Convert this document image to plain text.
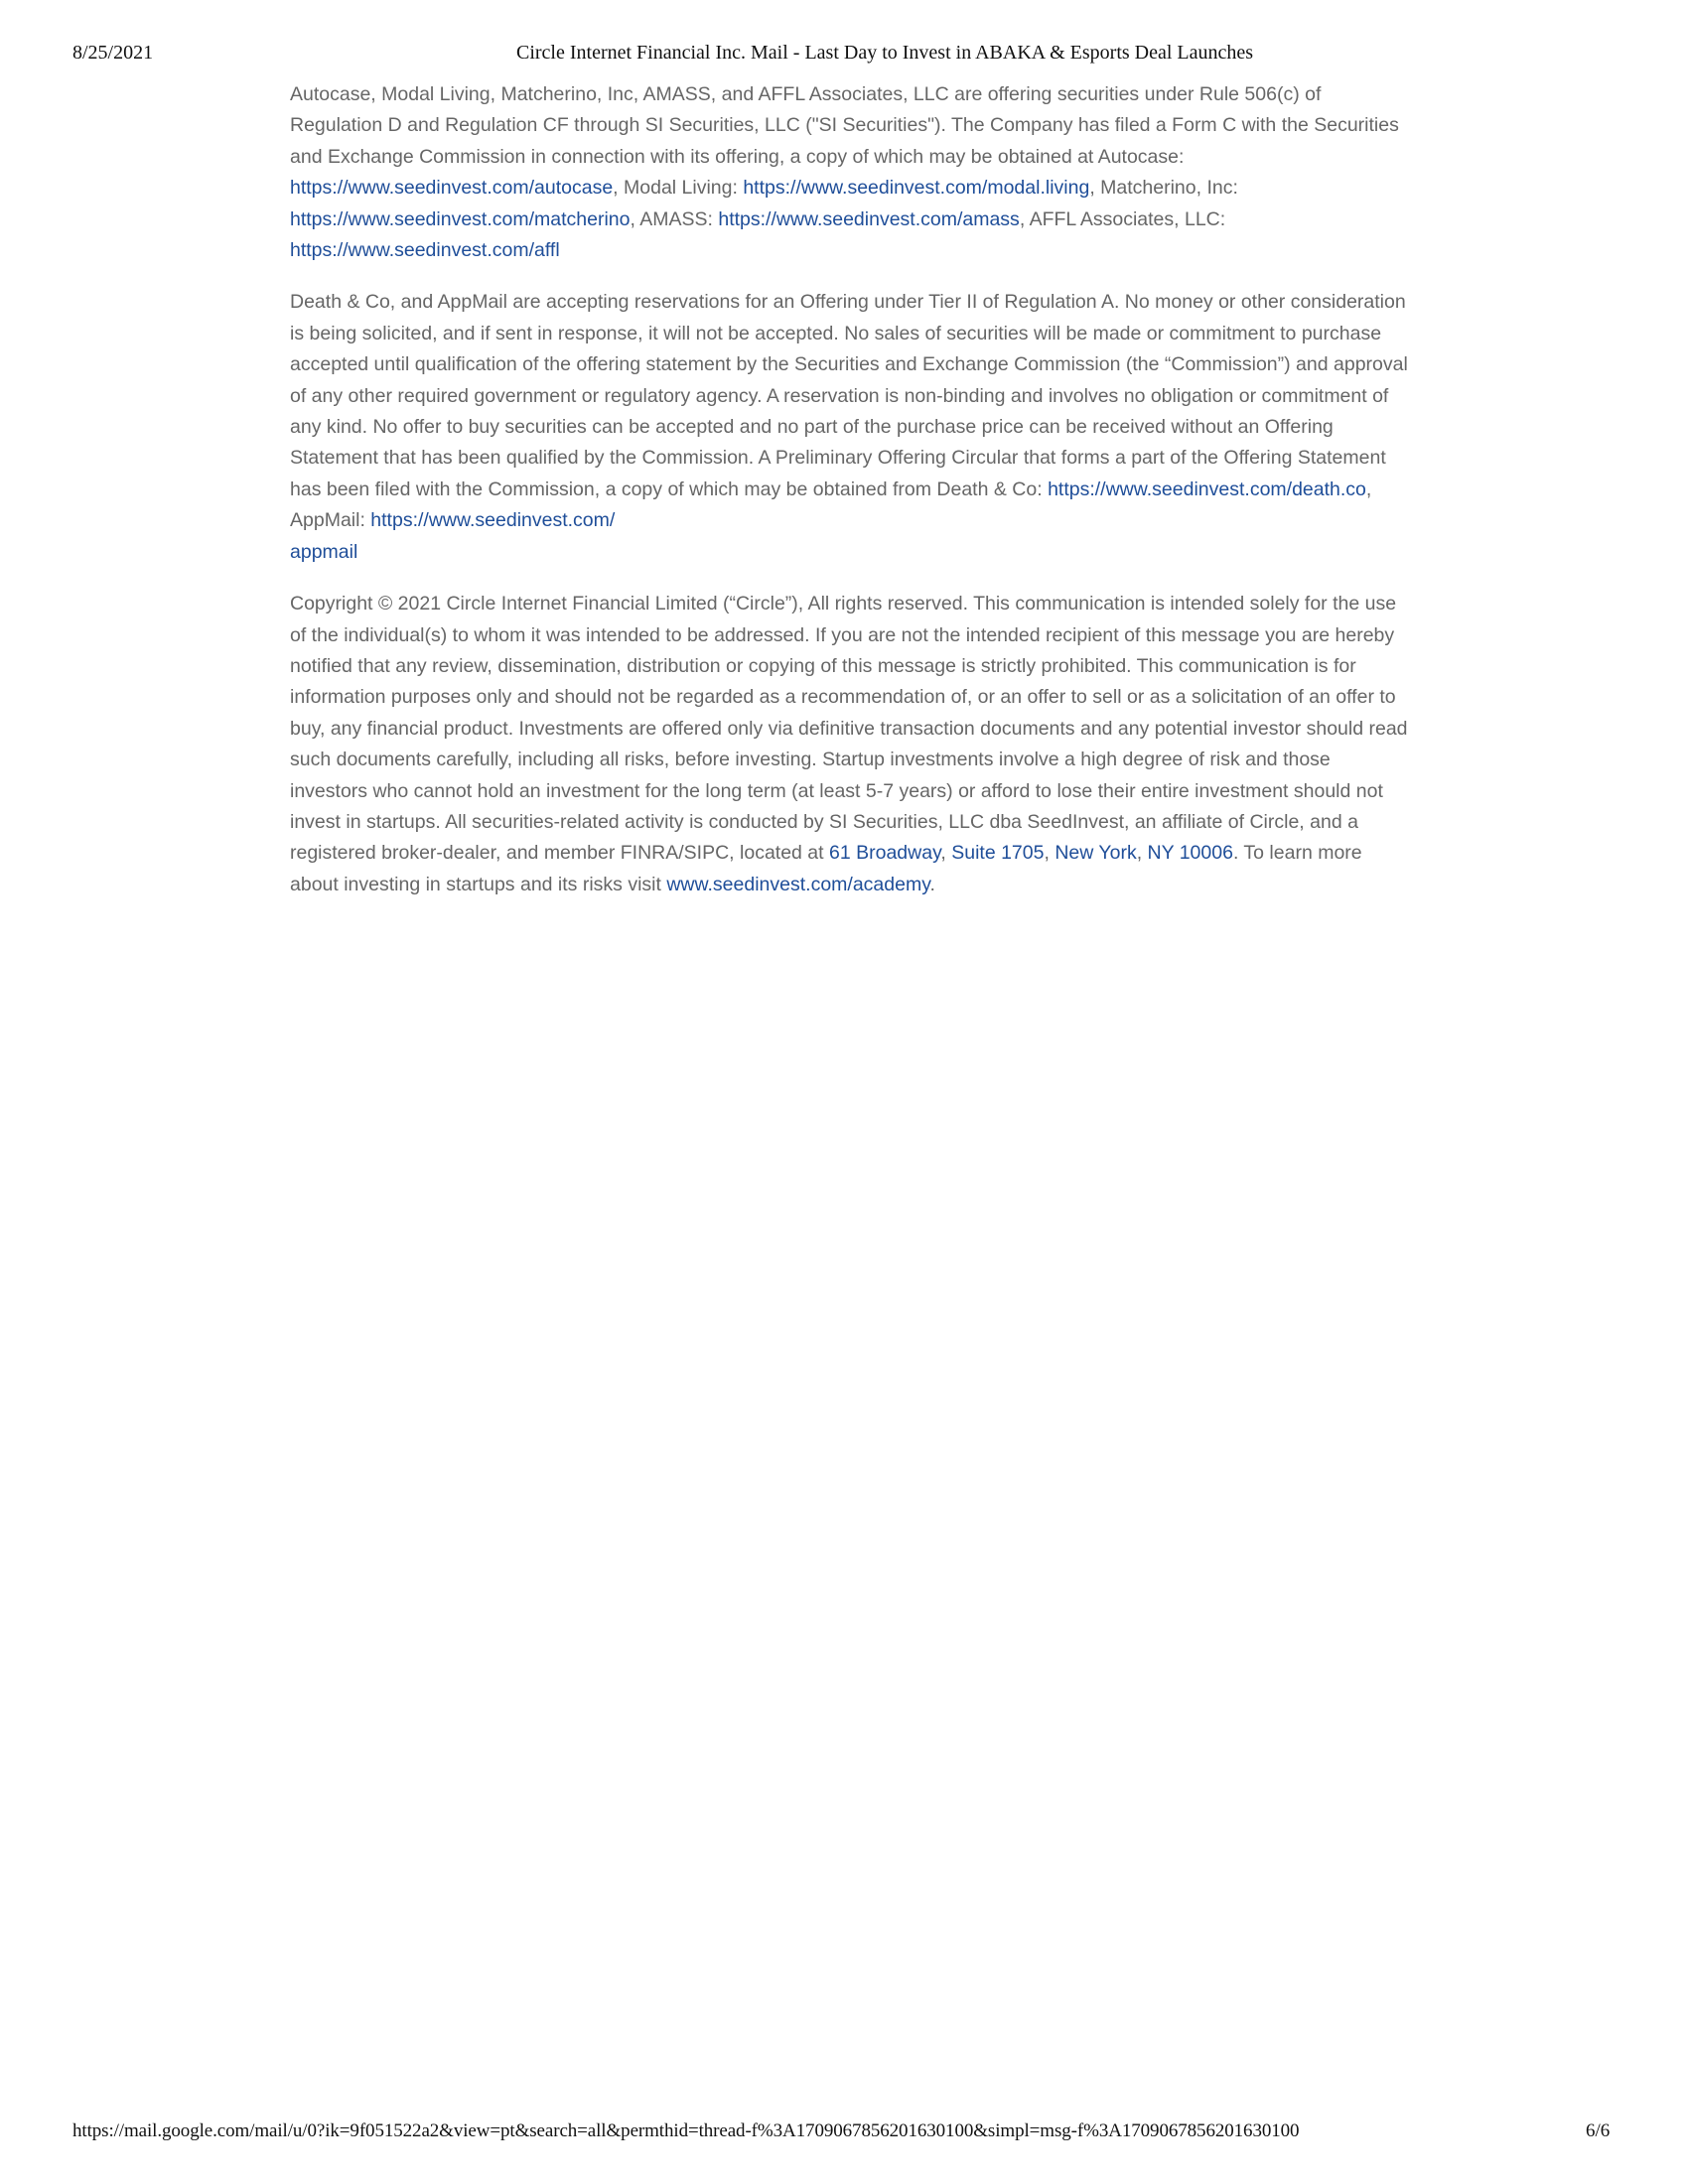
8/25/2021	Circle Internet Financial Inc. Mail - Last Day to Invest in ABAKA & Esports Deal Launches

Autocase, Modal Living, Matcherino, Inc, AMASS, and AFFL Associates, LLC are offering securities under Rule 506(c) of Regulation D and Regulation CF through SI Securities, LLC ("SI Securities"). The Company has filed a Form C with the Securities and Exchange Commission in connection with its offering, a copy of which may be obtained at Autocase: https://www.seedinvest.com/autocase, Modal Living: https://www.seedinvest.com/modal.living, Matcherino, Inc: https://www.seedinvest.com/matcherino, AMASS: https://www.seedinvest.com/amass, AFFL Associates, LLC: https://www.seedinvest.com/affl

Death & Co, and AppMail are accepting reservations for an Offering under Tier II of Regulation A. No money or other consideration is being solicited, and if sent in response, it will not be accepted. No sales of securities will be made or commitment to purchase accepted until qualification of the offering statement by the Securities and Exchange Commission (the “Commission”) and approval of any other required government or regulatory agency. A reservation is non-binding and involves no obligation or commitment of any kind. No offer to buy securities can be accepted and no part of the purchase price can be received without an Offering Statement that has been qualified by the Commission. A Preliminary Offering Circular that forms a part of the Offering Statement has been filed with the Commission, a copy of which may be obtained from Death & Co: https://www.seedinvest.com/death.co, AppMail: https://www.seedinvest.com/
appmail

Copyright © 2021 Circle Internet Financial Limited (“Circle”), All rights reserved. This communication is intended solely for the use of the individual(s) to whom it was intended to be addressed. If you are not the intended recipient of this message you are hereby notified that any review, dissemination, distribution or copying of this message is strictly prohibited. This communication is for information purposes only and should not be regarded as a recommendation of, or an offer to sell or as a solicitation of an offer to buy, any financial product. Investments are offered only via definitive transaction documents and any potential investor should read such documents carefully, including all risks, before investing. Startup investments involve a high degree of risk and those investors who cannot hold an investment for the long term (at least 5-7 years) or afford to lose their entire investment should not invest in startups. All securities-related activity is conducted by SI Securities, LLC dba SeedInvest, an affiliate of Circle, and a registered broker-dealer, and member FINRA/SIPC, located at 61 Broadway, Suite 1705, New York, NY 10006. To learn more about investing in startups and its risks visit www.seedinvest.com/academy.

https://mail.google.com/mail/u/0?ik=9f051522a2&view=pt&search=all&permthid=thread-f%3A1709067856201630100&simpl=msg-f%3A1709067856201630100	6/6
